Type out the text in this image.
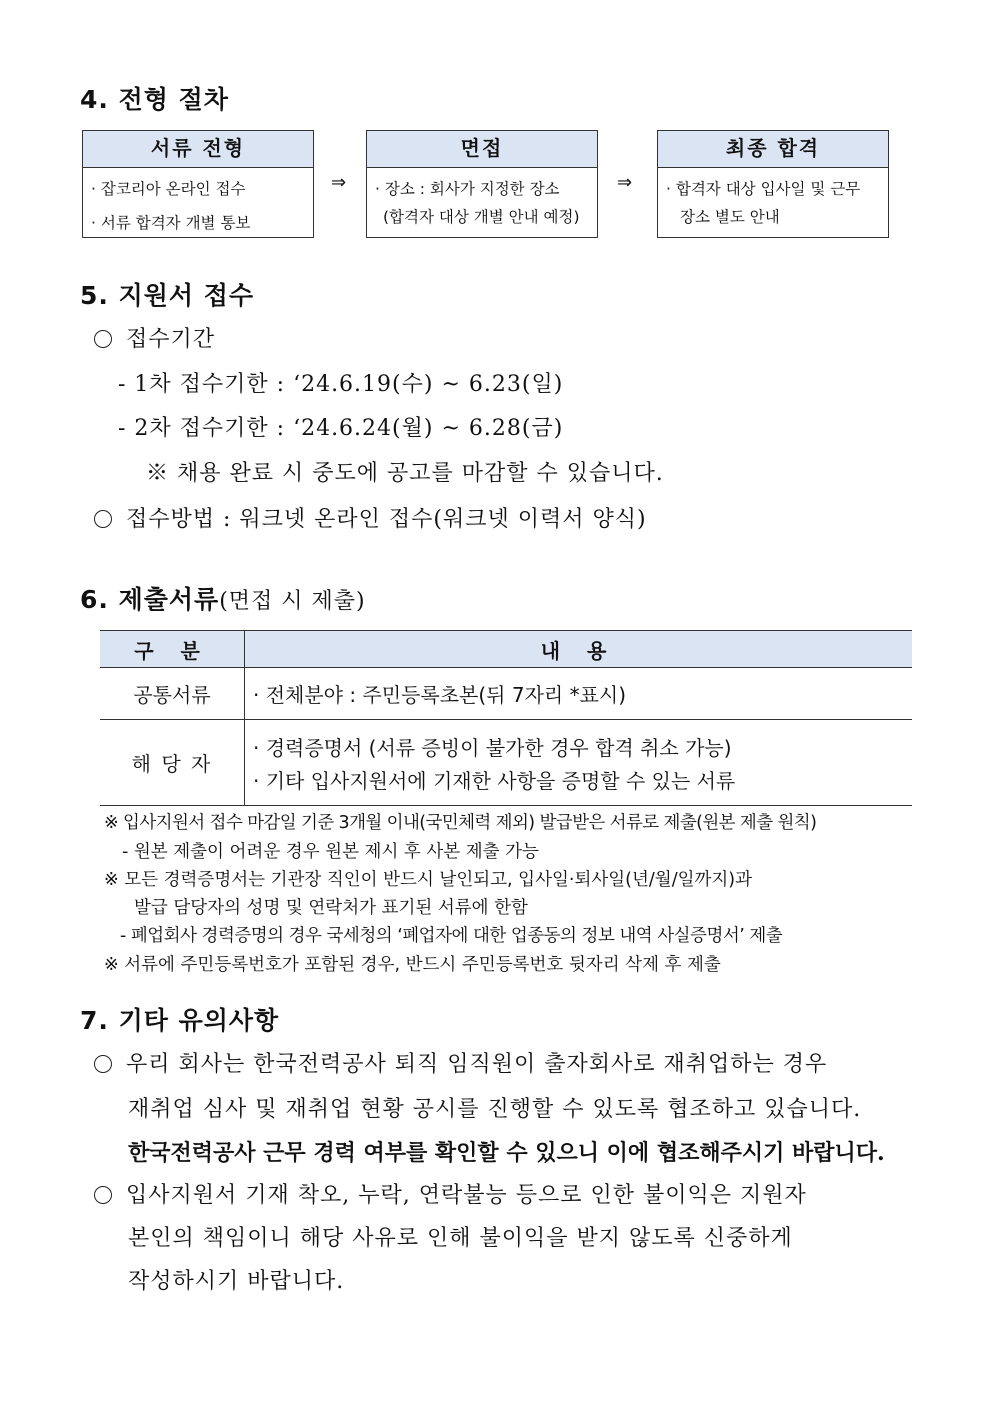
4. 전형 절차
서류 전형
· 잡코리아 온라인 접수
· 서류 합격자 개별 통보
⇒
면접
· 장소 : 회사가 지정한 장소
(합격자 대상 개별 안내 예정)
⇒
최종 합격
· 합격자 대상 입사일 및 근무
장소 별도 안내
5. 지원서 접수
접수기간
- 1차 접수기한 : ‘24.6.19(수) ~ 6.23(일)
- 2차 접수기한 : ‘24.6.24(월) ~ 6.28(금)
※ 채용 완료 시 중도에 공고를 마감할 수 있습니다.
접수방법 : 워크넷 온라인 접수(워크넷 이력서 양식)
6. 제출서류(면접 시 제출)
구 분	내 용
공통서류	· 전체분야 : 주민등록초본(뒤 7자리 *표시)
해 당 자	· 경력증명서 (서류 증빙이 불가한 경우 합격 취소 가능)
· 기타 입사지원서에 기재한 사항을 증명할 수 있는 서류
※ 입사지원서 접수 마감일 기준 3개월 이내(국민체력 제외) 발급받은 서류로 제출(원본 제출 원칙)
- 원본 제출이 어려운 경우 원본 제시 후 사본 제출 가능
※ 모든 경력증명서는 기관장 직인이 반드시 날인되고, 입사일·퇴사일(년/월/일까지)과
발급 담당자의 성명 및 연락처가 표기된 서류에 한함
- 폐업회사 경력증명의 경우 국세청의 ‘폐업자에 대한 업종동의 정보 내역 사실증명서’ 제출
※ 서류에 주민등록번호가 포함된 경우, 반드시 주민등록번호 뒷자리 삭제 후 제출
7. 기타 유의사항
우리 회사는 한국전력공사 퇴직 임직원이 출자회사로 재취업하는 경우
재취업 심사 및 재취업 현황 공시를 진행할 수 있도록 협조하고 있습니다.
한국전력공사 근무 경력 여부를 확인할 수 있으니 이에 협조해주시기 바랍니다.
입사지원서 기재 착오, 누락, 연락불능 등으로 인한 불이익은 지원자
본인의 책임이니 해당 사유로 인해 불이익을 받지 않도록 신중하게
작성하시기 바랍니다.
